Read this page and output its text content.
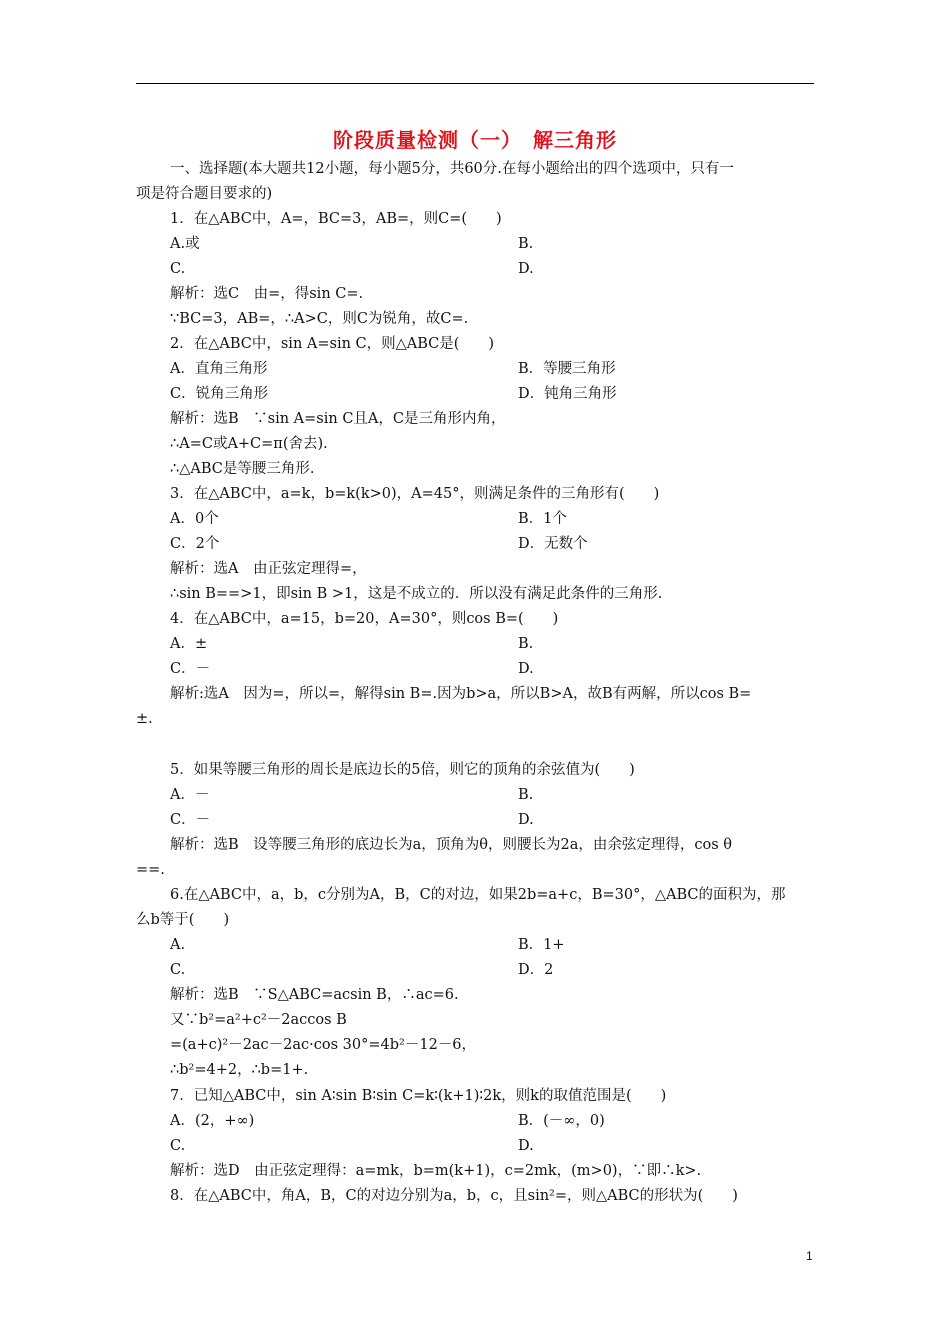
阶段质量检测（一）　解三角形
一、选择题(本大题共12小题，每小题5分，共60分.在每小题给出的四个选项中，只有一
项是符合题目要求的)
1．在△ABC中，A=，BC=3，AB=，则C=(　　)
A.或	B.
C.	D.
解析：选C　由=，得sin C=.
∵BC=3，AB=，∴A>C，则C为锐角，故C=.
2．在△ABC中，sin A=sin C，则△ABC是(　　)
A．直角三角形	B．等腰三角形
C．锐角三角形	D．钝角三角形
解析：选B　∵sin A=sin C且A，C是三角形内角，
∴A=C或A+C=π(舍去).
∴△ABC是等腰三角形.
3．在△ABC中，a=k，b=k(k>0)，A=45°，则满足条件的三角形有(　　)
A．0个	B．1个
C．2个	D．无数个
解析：选A　由正弦定理得=，
∴sin B==>1，即sin B >1，这是不成立的．所以没有满足此条件的三角形.
4．在△ABC中，a=15，b=20，A=30°，则cos B=(　　)
A．±	B.
C．－	D.
解析:选A　因为=，所以=，解得sin B=.因为b>a，所以B>A，故B有两解，所以cos B=
±.
5．如果等腰三角形的周长是底边长的5倍，则它的顶角的余弦值为(　　)
A．－	B.
C．－	D.
解析：选B　设等腰三角形的底边长为a，顶角为θ，则腰长为2a，由余弦定理得，cos θ
==.
6.在△ABC中，a，b，c分别为A，B，C的对边，如果2b=a+c，B=30°，△ABC的面积为，那
么b等于(　　)
A.	B．1+
C.	D．2
解析：选B　∵S△ABC=acsin B，∴ac=6.
又∵b²=a²+c²－2accos B
=(a+c)²－2ac－2ac·cos 30°=4b²－12－6，
∴b²=4+2，∴b=1+.
7．已知△ABC中，sin A∶sin B∶sin C=k∶(k+1)∶2k，则k的取值范围是(　　)
A．(2，+∞)	B．(－∞，0)
C.	D.
解析：选D　由正弦定理得：a=mk，b=m(k+1)，c=2mk，(m>0)，∵即∴k>.
8．在△ABC中，角A，B，C的对边分别为a，b，c，且sin²=，则△ABC的形状为(　　)
1
